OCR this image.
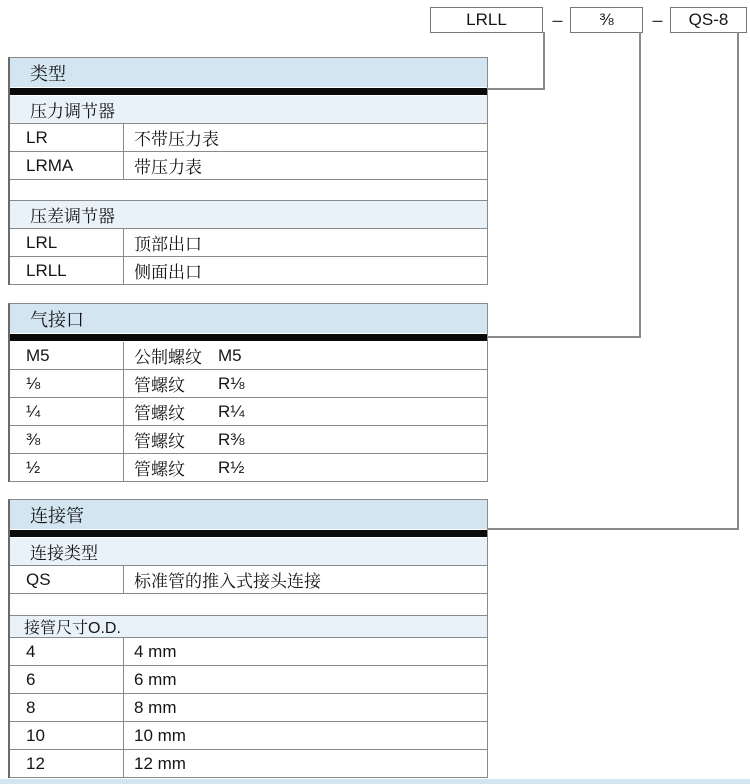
LRLL	–	⅜	–	QS-8
类型
压力调节器
LR	不带压力表
LRMA	带压力表
压差调节器
LRL	顶部出口
LRLL	侧面出口
气接口
M5	公制螺纹 M5
⅛	管螺纹	R⅛
¼	管螺纹	R¼
⅜	管螺纹	R⅜
½	管螺纹	R½
连接管
连接类型
QS	标准管的推入式接头连接
接管尺寸O.D.
4	4 mm
6	6 mm
8	8 mm
10	10 mm
12	12 mm
